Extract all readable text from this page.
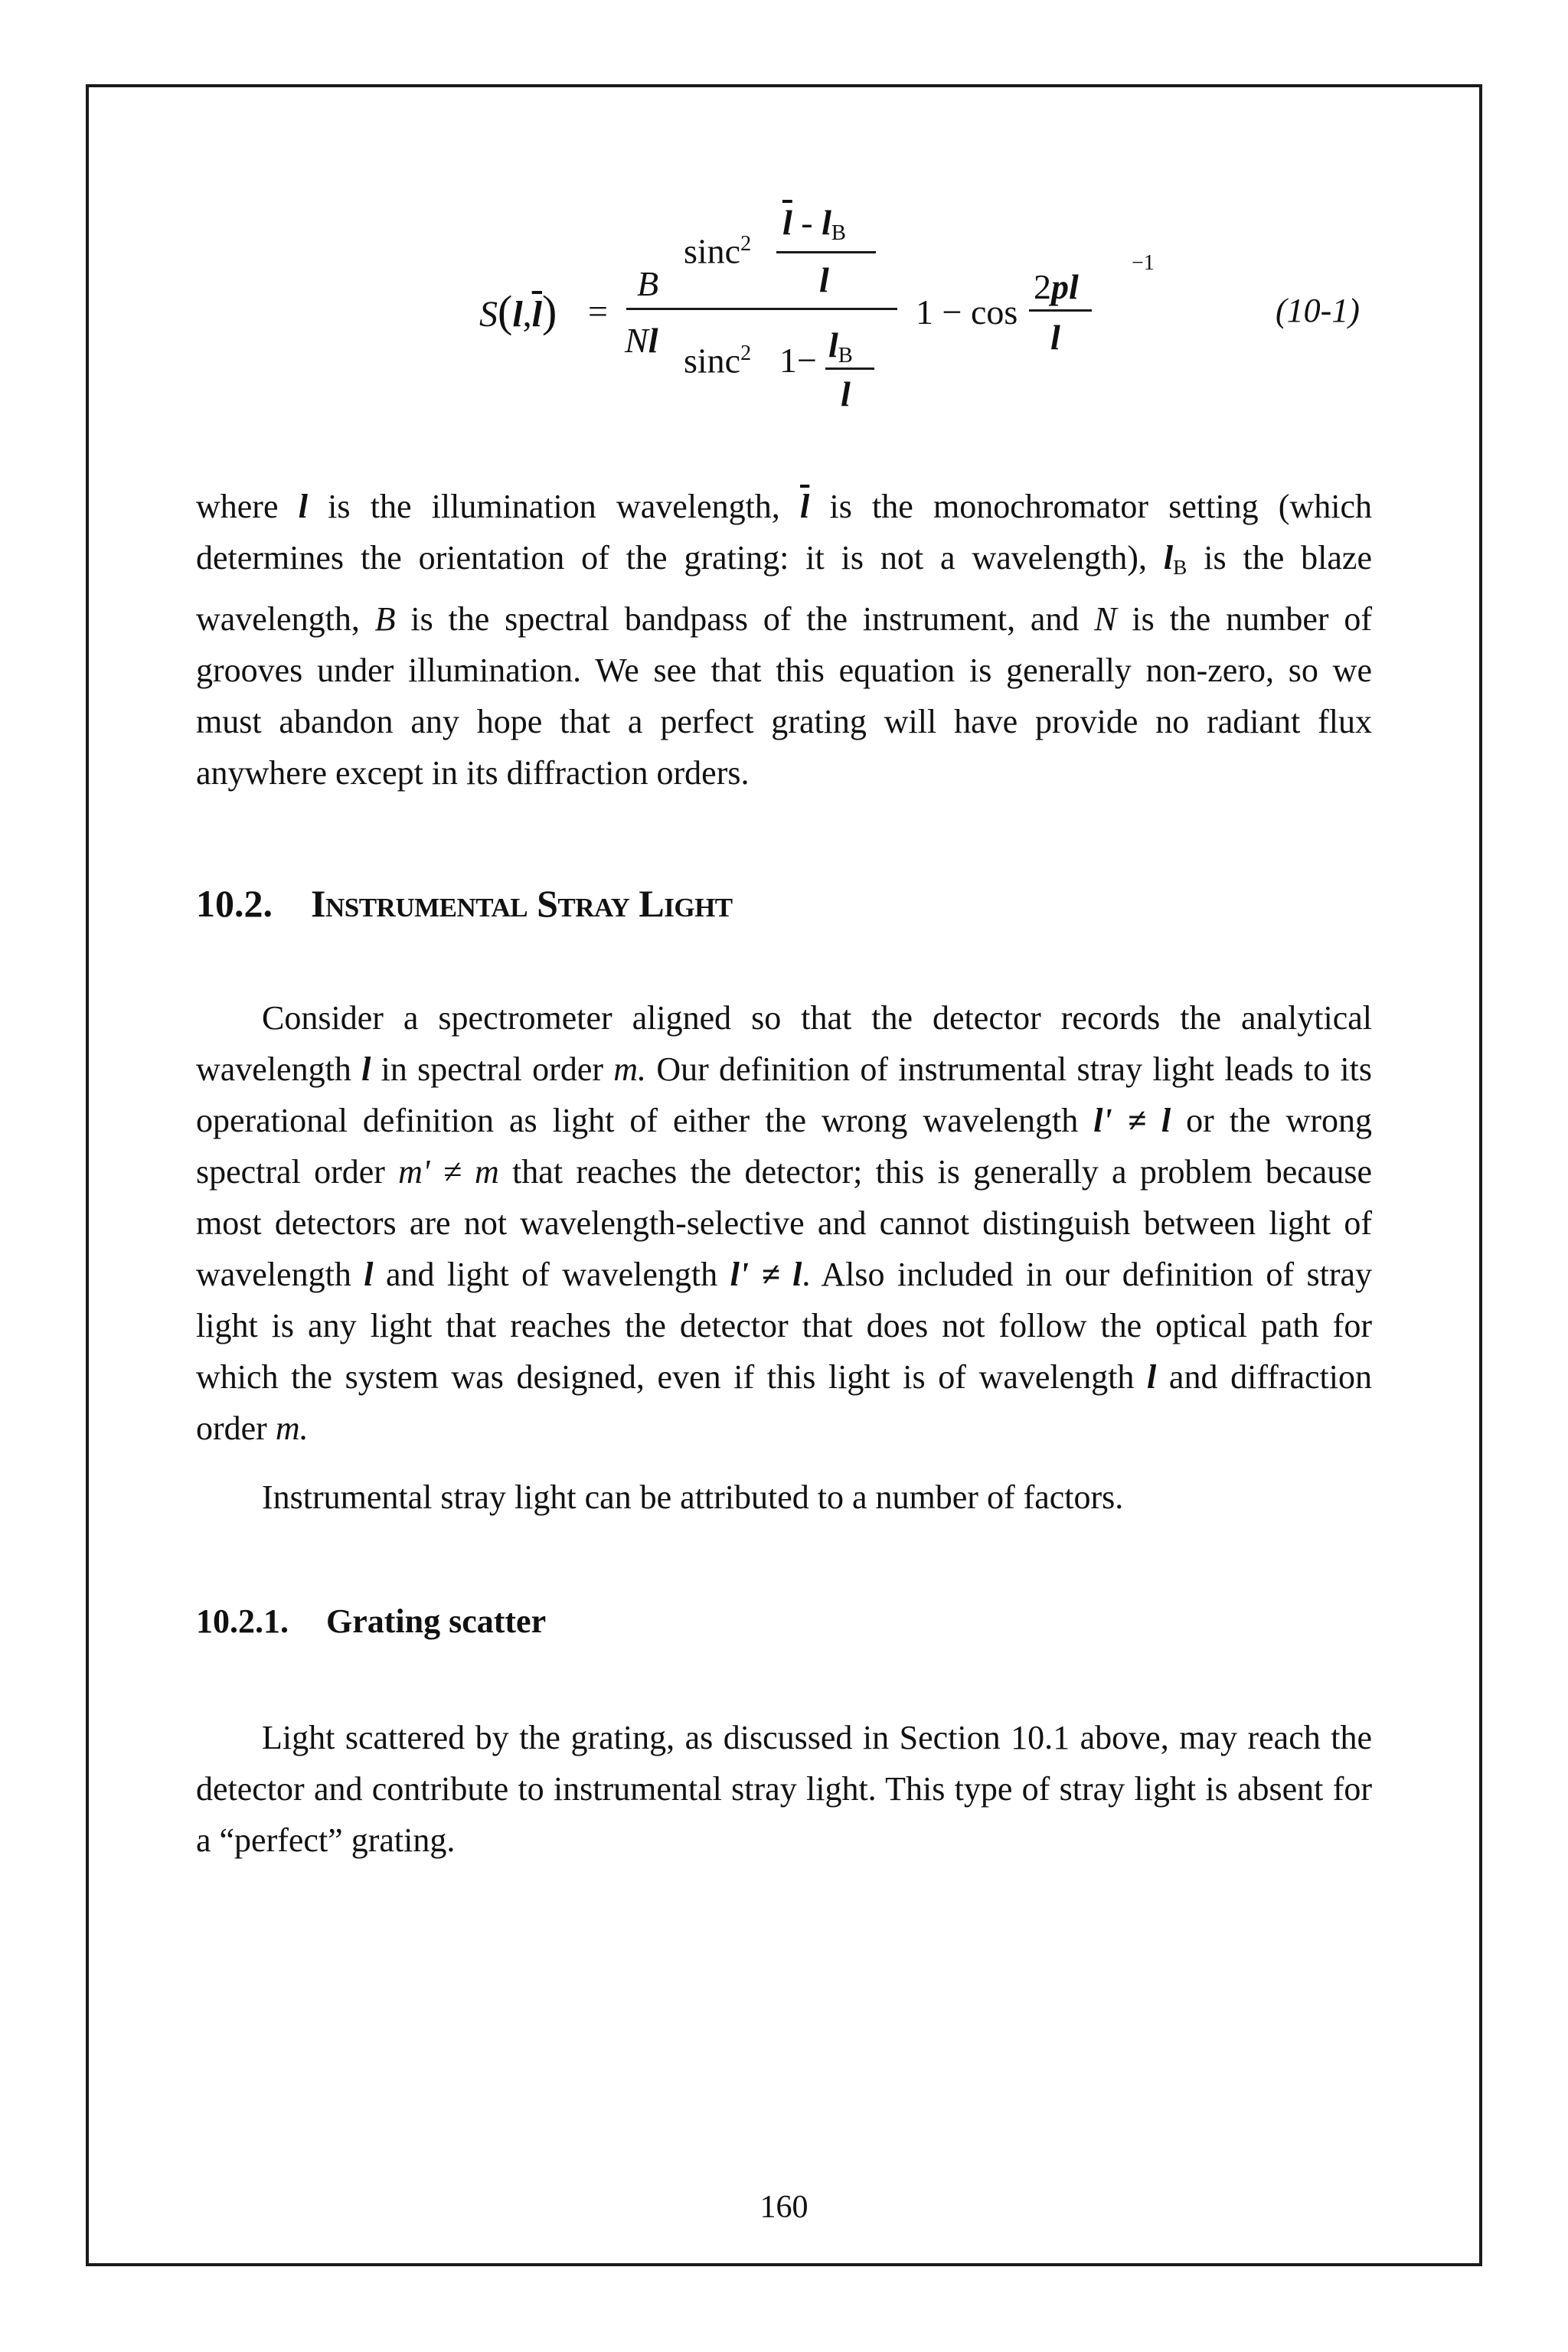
$S(l,\overline{l})$ =
B
Nl
sinc$^2$
$\overline{l} - l_B$
l
sinc$^2$ $1- l_B$
l
1 − cos
2pl
l
−1
(10-1)

where l is the illumination wavelength, $\overline{l}$ is the monochromator setting (which determines the orientation of the grating: it is not a wavelength), $l_B$ is the blaze wavelength, B is the spectral bandpass of the instrument, and N is the number of grooves under illumination. We see that this equation is generally non-zero, so we must abandon any hope that a perfect grating will have provide no radiant flux anywhere except in its diffraction orders.

10.2. Instrumental Stray Light

Consider a spectrometer aligned so that the detector records the analytical wavelength l in spectral order m. Our definition of instrumental stray light leads to its operational definition as light of either the wrong wavelength l' ≠ l or the wrong spectral order m' ≠ m that reaches the detector; this is generally a problem because most detectors are not wavelength-selective and cannot distinguish between light of wavelength l and light of wavelength l' ≠ l. Also included in our definition of stray light is any light that reaches the detector that does not follow the optical path for which the system was designed, even if this light is of wavelength l and diffraction order m.

Instrumental stray light can be attributed to a number of factors.

10.2.1. Grating scatter

Light scattered by the grating, as discussed in Section 10.1 above, may reach the detector and contribute to instrumental stray light. This type of stray light is absent for a “perfect” grating.

160
